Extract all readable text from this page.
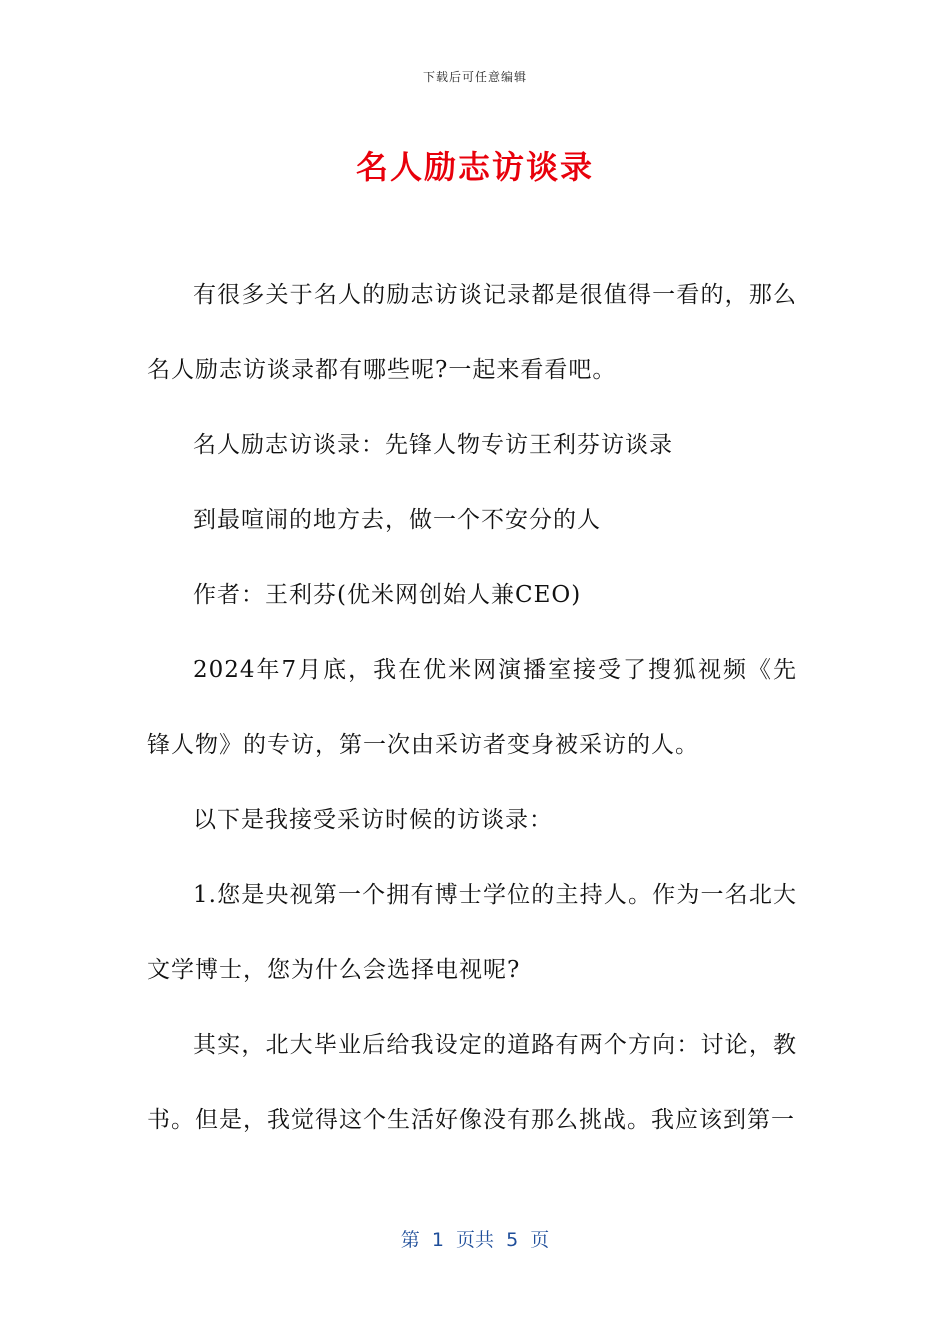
下载后可任意编辑
名人励志访谈录

有很多关于名人的励志访谈记录都是很值得一看的，那么名人励志访谈录都有哪些呢?一起来看看吧。

名人励志访谈录：先锋人物专访王利芬访谈录

到最喧闹的地方去，做一个不安分的人

作者：王利芬(优米网创始人兼CEO)

2024年7月底，我在优米网演播室接受了搜狐视频《先锋人物》的专访，第一次由采访者变身被采访的人。

以下是我接受采访时候的访谈录：

1.您是央视第一个拥有博士学位的主持人。作为一名北大文学博士，您为什么会选择电视呢?

其实，北大毕业后给我设定的道路有两个方向：讨论，教书。但是，我觉得这个生活好像没有那么挑战。我应该到第一

第  1  页共  5  页
